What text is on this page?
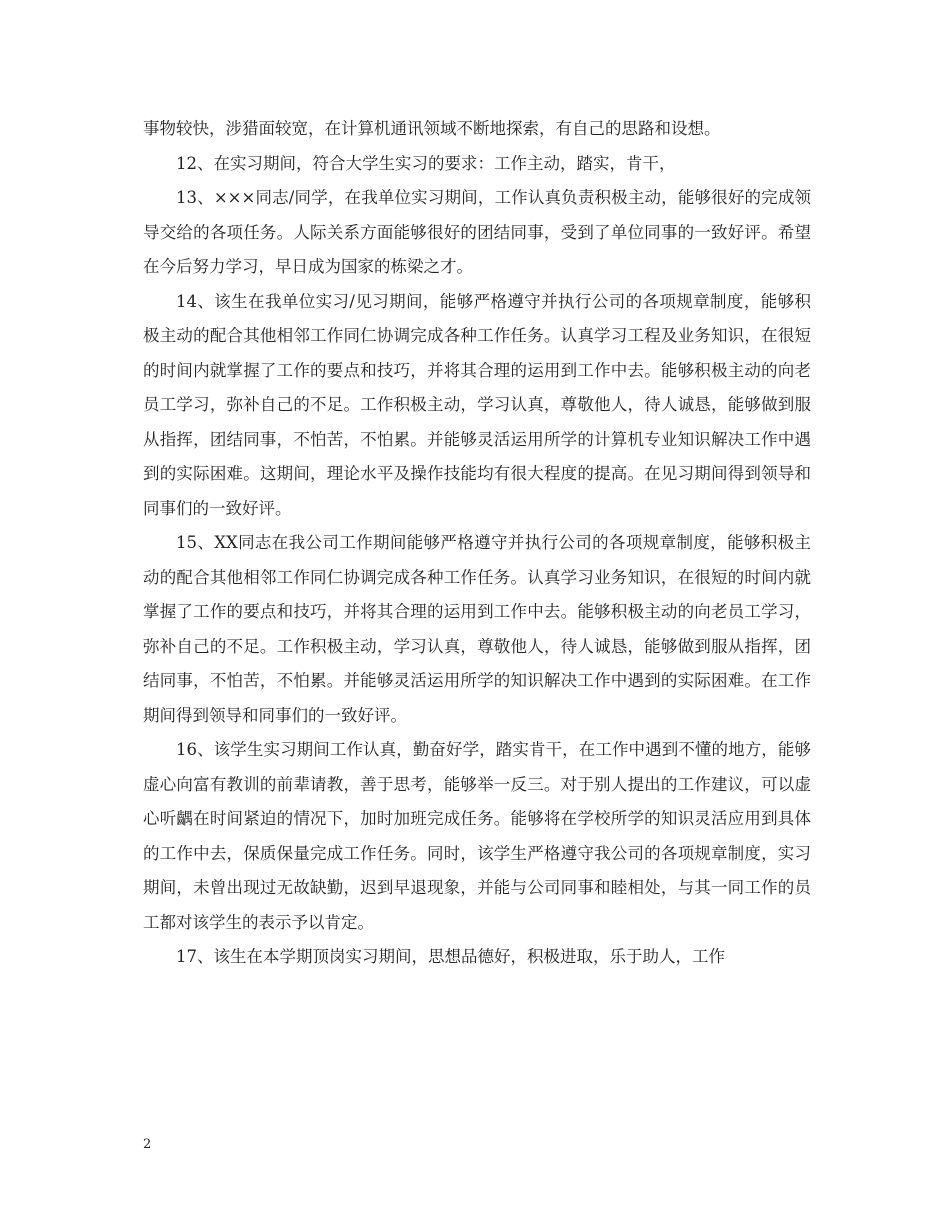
事物较快，涉猎面较宽，在计算机通讯领域不断地探索，有自己的思路和设想。

12、在实习期间，符合大学生实习的要求：工作主动，踏实，肯干，

13、×××同志/同学，在我单位实习期间，工作认真负责积极主动，能够很好的完成领导交给的各项任务。人际关系方面能够很好的团结同事，受到了单位同事的一致好评。希望在今后努力学习，早日成为国家的栋梁之才。

14、该生在我单位实习/见习期间，能够严格遵守并执行公司的各项规章制度，能够积极主动的配合其他相邻工作同仁协调完成各种工作任务。认真学习工程及业务知识，在很短的时间内就掌握了工作的要点和技巧，并将其合理的运用到工作中去。能够积极主动的向老员工学习，弥补自己的不足。工作积极主动，学习认真，尊敬他人，待人诚恳，能够做到服从指挥，团结同事，不怕苦，不怕累。并能够灵活运用所学的计算机专业知识解决工作中遇到的实际困难。这期间，理论水平及操作技能均有很大程度的提高。在见习期间得到领导和同事们的一致好评。

15、XX同志在我公司工作期间能够严格遵守并执行公司的各项规章制度，能够积极主动的配合其他相邻工作同仁协调完成各种工作任务。认真学习业务知识，在很短的时间内就掌握了工作的要点和技巧，并将其合理的运用到工作中去。能够积极主动的向老员工学习，弥补自己的不足。工作积极主动，学习认真，尊敬他人，待人诚恳，能够做到服从指挥，团结同事，不怕苦，不怕累。并能够灵活运用所学的知识解决工作中遇到的实际困难。在工作期间得到领导和同事们的一致好评。

16、该学生实习期间工作认真，勤奋好学，踏实肯干，在工作中遇到不懂的地方，能够虚心向富有教训的前辈请教，善于思考，能够举一反三。对于别人提出的工作建议，可以虚心听齵在时间紧迫的情况下，加时加班完成任务。能够将在学校所学的知识灵活应用到具体的工作中去，保质保量完成工作任务。同时，该学生严格遵守我公司的各项规章制度，实习期间，未曾出现过无故缺勤，迟到早退现象，并能与公司同事和睦相处，与其一同工作的员工都对该学生的表示予以肯定。

17、该生在本学期顶岗实习期间，思想品德好，积极进取，乐于助人，工作

2
